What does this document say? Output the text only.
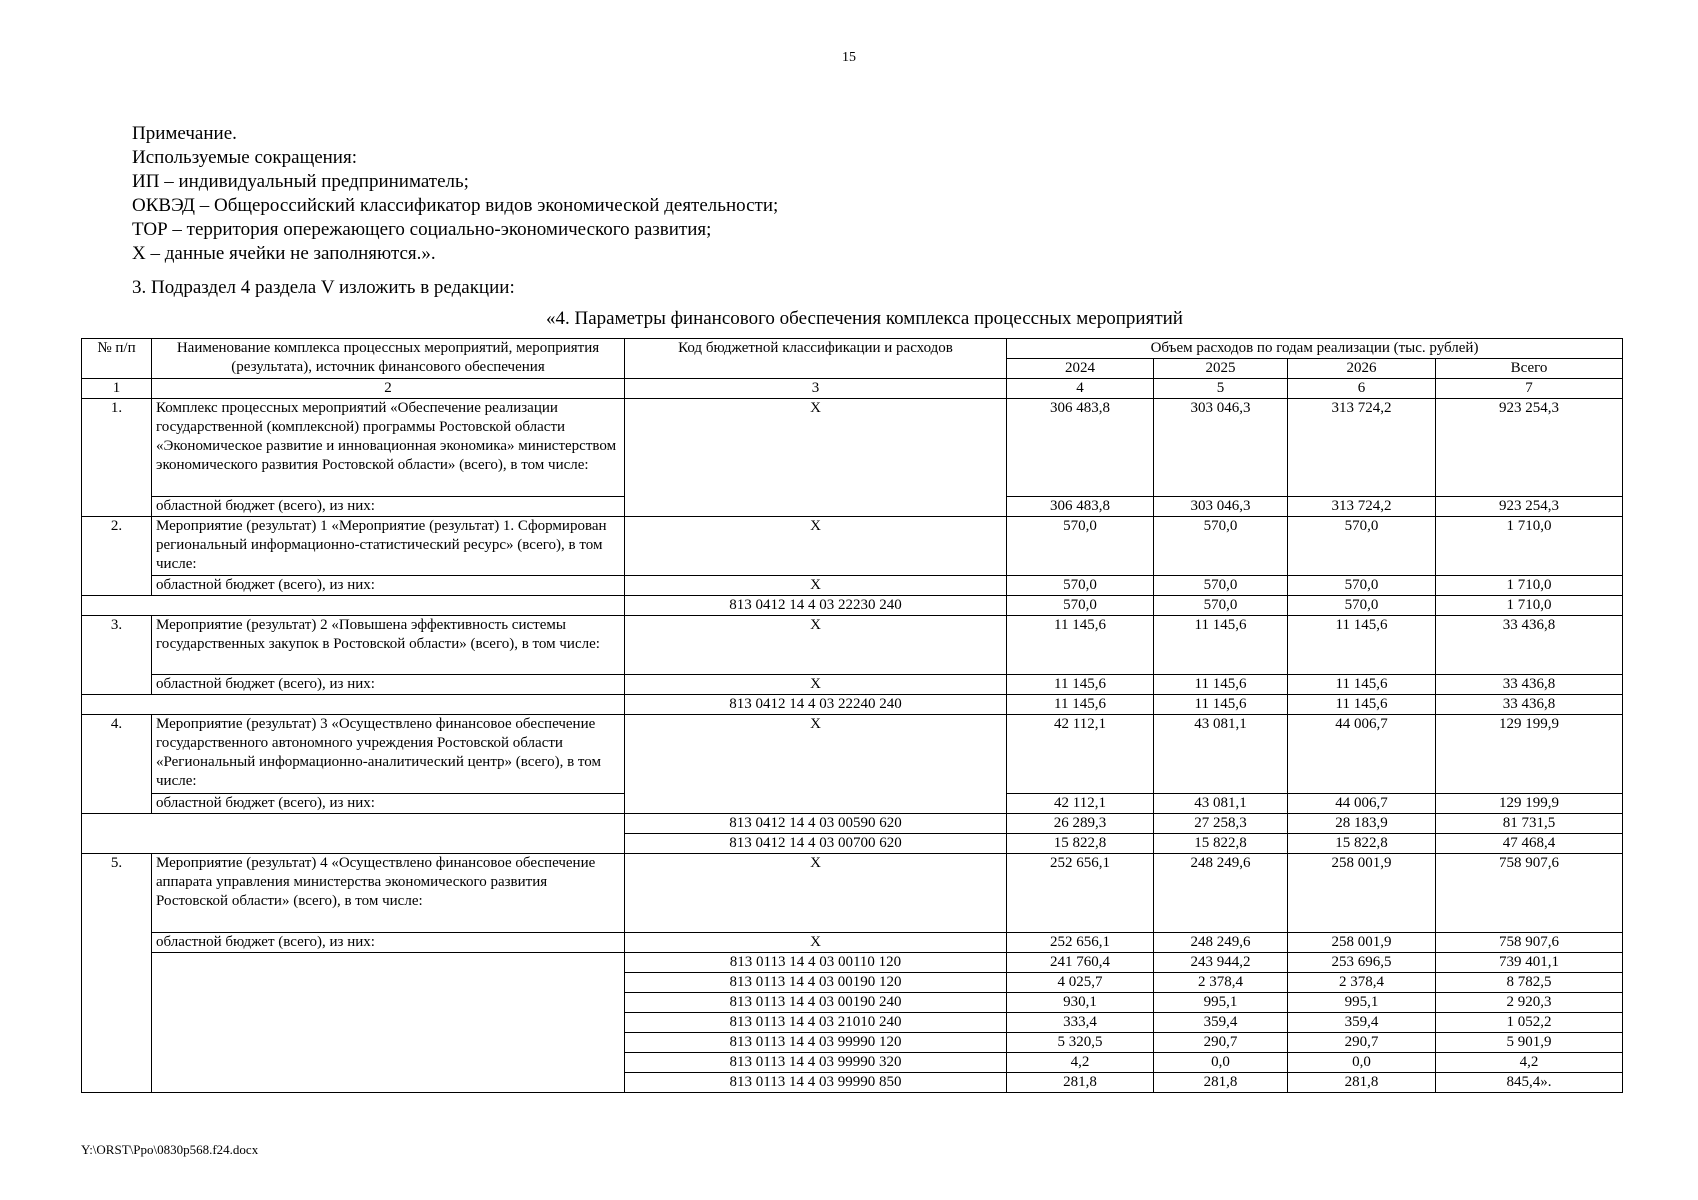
15
Примечание.
Используемые сокращения:
ИП – индивидуальный предприниматель;
ОКВЭД – Общероссийский классификатор видов экономической деятельности;
ТОР – территория опережающего социально-экономического развития;
Х – данные ячейки не заполняются.».
3. Подраздел 4 раздела V изложить в редакции:
«4. Параметры финансового обеспечения комплекса процессных мероприятий
№ п/п	Наименование комплекса процессных мероприятий, мероприятия (результата), источник финансового обеспечения	Код бюджетной классификации и расходов	Объем расходов по годам реализации (тыс. рублей)			
			2024	2025	2026	Всего
1	2	3	4	5	6	7
1.	Комплекс процессных мероприятий «Обеспечение реализации государственной (комплексной) программы Ростовской области «Экономическое развитие и инновационная экономика» министерством экономического развития Ростовской области» (всего), в том числе:	Х	306 483,8	303 046,3	313 724,2	923 254,3
	областной бюджет (всего), из них:		306 483,8	303 046,3	313 724,2	923 254,3
2.	Мероприятие (результат) 1 «Мероприятие (результат) 1. Сформирован региональный информационно-статистический ресурс» (всего), в том числе:	Х	570,0	570,0	570,0	1 710,0
	областной бюджет (всего), из них:	Х	570,0	570,0	570,0	1 710,0
		813 0412 14 4 03 22230 240	570,0	570,0	570,0	1 710,0
3.	Мероприятие (результат) 2 «Повышена эффективность системы государственных закупок в Ростовской области» (всего), в том числе:	Х	11 145,6	11 145,6	11 145,6	33 436,8
	областной бюджет (всего), из них:	Х	11 145,6	11 145,6	11 145,6	33 436,8
		813 0412 14 4 03 22240 240	11 145,6	11 145,6	11 145,6	33 436,8
4.	Мероприятие (результат) 3 «Осуществлено финансовое обеспечение государственного автономного учреждения Ростовской области «Региональный информационно-аналитический центр» (всего), в том числе:	Х	42 112,1	43 081,1	44 006,7	129 199,9
	областной бюджет (всего), из них:		42 112,1	43 081,1	44 006,7	129 199,9
		813 0412 14 4 03 00590 620	26 289,3	27 258,3	28 183,9	81 731,5
		813 0412 14 4 03 00700 620	15 822,8	15 822,8	15 822,8	47 468,4
5.	Мероприятие (результат) 4 «Осуществлено финансовое обеспечение аппарата управления министерства экономического развития Ростовской области» (всего), в том числе:	Х	252 656,1	248 249,6	258 001,9	758 907,6
	областной бюджет (всего), из них:	Х	252 656,1	248 249,6	258 001,9	758 907,6
		813 0113 14 4 03 00110 120	241 760,4	243 944,2	253 696,5	739 401,1
		813 0113 14 4 03 00190 120	4 025,7	2 378,4	2 378,4	8 782,5
		813 0113 14 4 03 00190 240	930,1	995,1	995,1	2 920,3
		813 0113 14 4 03 21010 240	333,4	359,4	359,4	1 052,2
		813 0113 14 4 03 99990 120	5 320,5	290,7	290,7	5 901,9
		813 0113 14 4 03 99990 320	4,2	0,0	0,0	4,2
		813 0113 14 4 03 99990 850	281,8	281,8	281,8	845,4».
Y:\ORST\Ppo\0830p568.f24.docx
